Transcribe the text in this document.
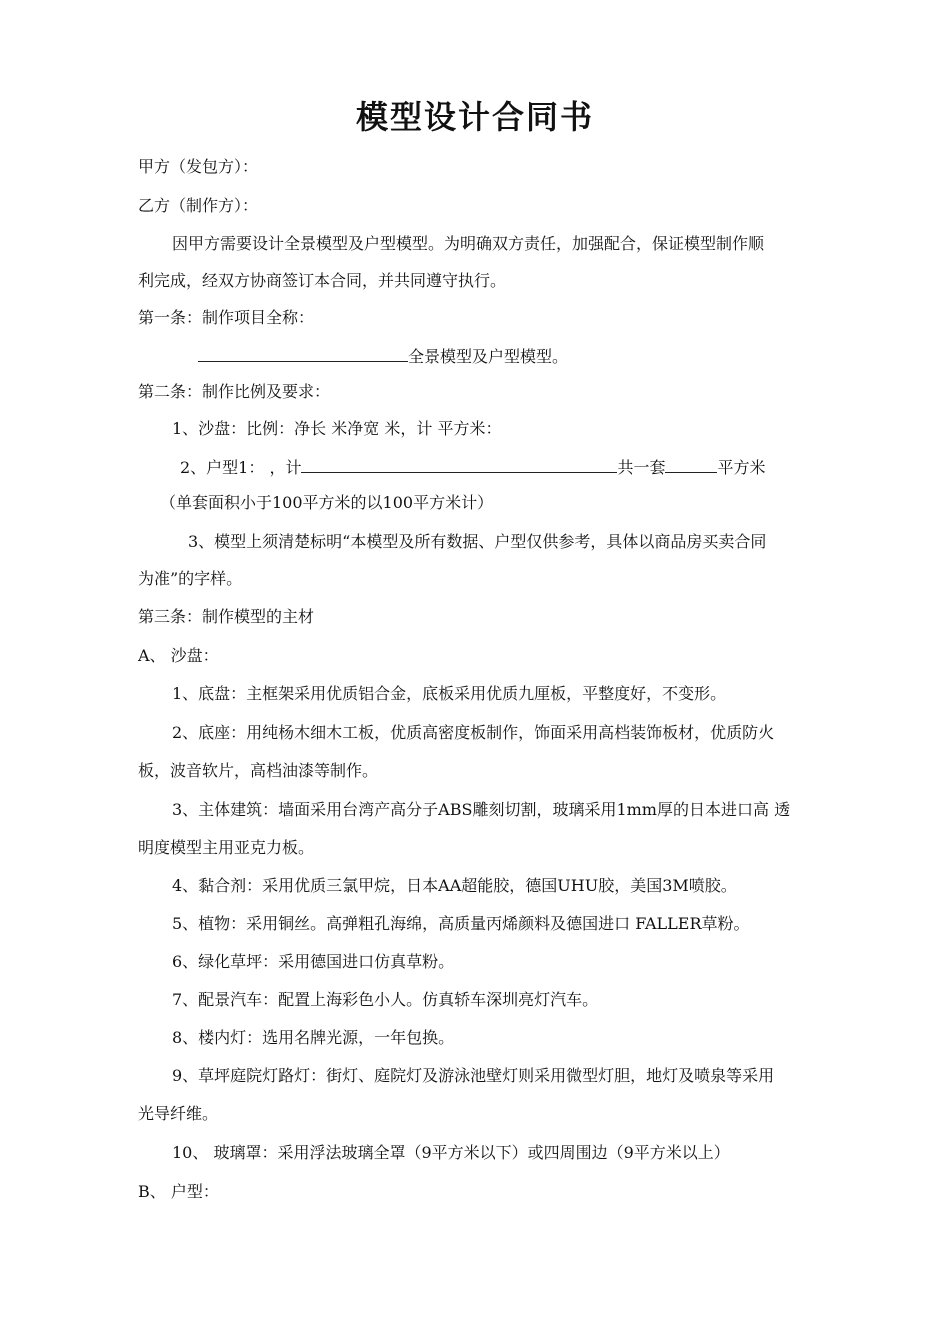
模型设计合同书
甲方（发包方）：
乙方（制作方）：
因甲方需要设计全景模型及户型模型。为明确双方责任，加强配合，保证模型制作顺
利完成，经双方协商签订本合同，并共同遵守执行。
第一条：制作项目全称：
全景模型及户型模型。
第二条：制作比例及要求：
1、沙盘：比例：净长 米净宽 米，计 平方米：
2、户型1： ，计	共一套	平方米
（单套面积小于100平方米的以100平方米计）
3、模型上须清楚标明“本模型及所有数据、户型仅供参考，具体以商品房买卖合同
为准”的字样。
第三条：制作模型的主材
A、 沙盘：
1、底盘：主框架采用优质铝合金，底板采用优质九厘板，平整度好，不变形。
2、底座：用纯杨木细木工板，优质高密度板制作，饰面采用高档装饰板材，优质防火
板，波音软片，高档油漆等制作。
3、主体建筑：墙面采用台湾产高分子ABS雕刻切割，玻璃采用1mm厚的日本进口高 透
明度模型主用亚克力板。
4、黏合剂：采用优质三氯甲烷，日本AA超能胶，德国UHU胶，美国3M喷胶。
5、植物：采用铜丝。高弹粗孔海绵，高质量丙烯颜料及德国进口 FALLER草粉。
6、绿化草坪：采用德国进口仿真草粉。
7、配景汽车：配置上海彩色小人。仿真轿车深圳亮灯汽车。
8、楼内灯：选用名牌光源，一年包换。
9、草坪庭院灯路灯：街灯、庭院灯及游泳池壁灯则采用微型灯胆，地灯及喷泉等采用
光导纤维。
10、 玻璃罩：采用浮法玻璃全罩（9平方米以下）或四周围边（9平方米以上）
B、 户型：
